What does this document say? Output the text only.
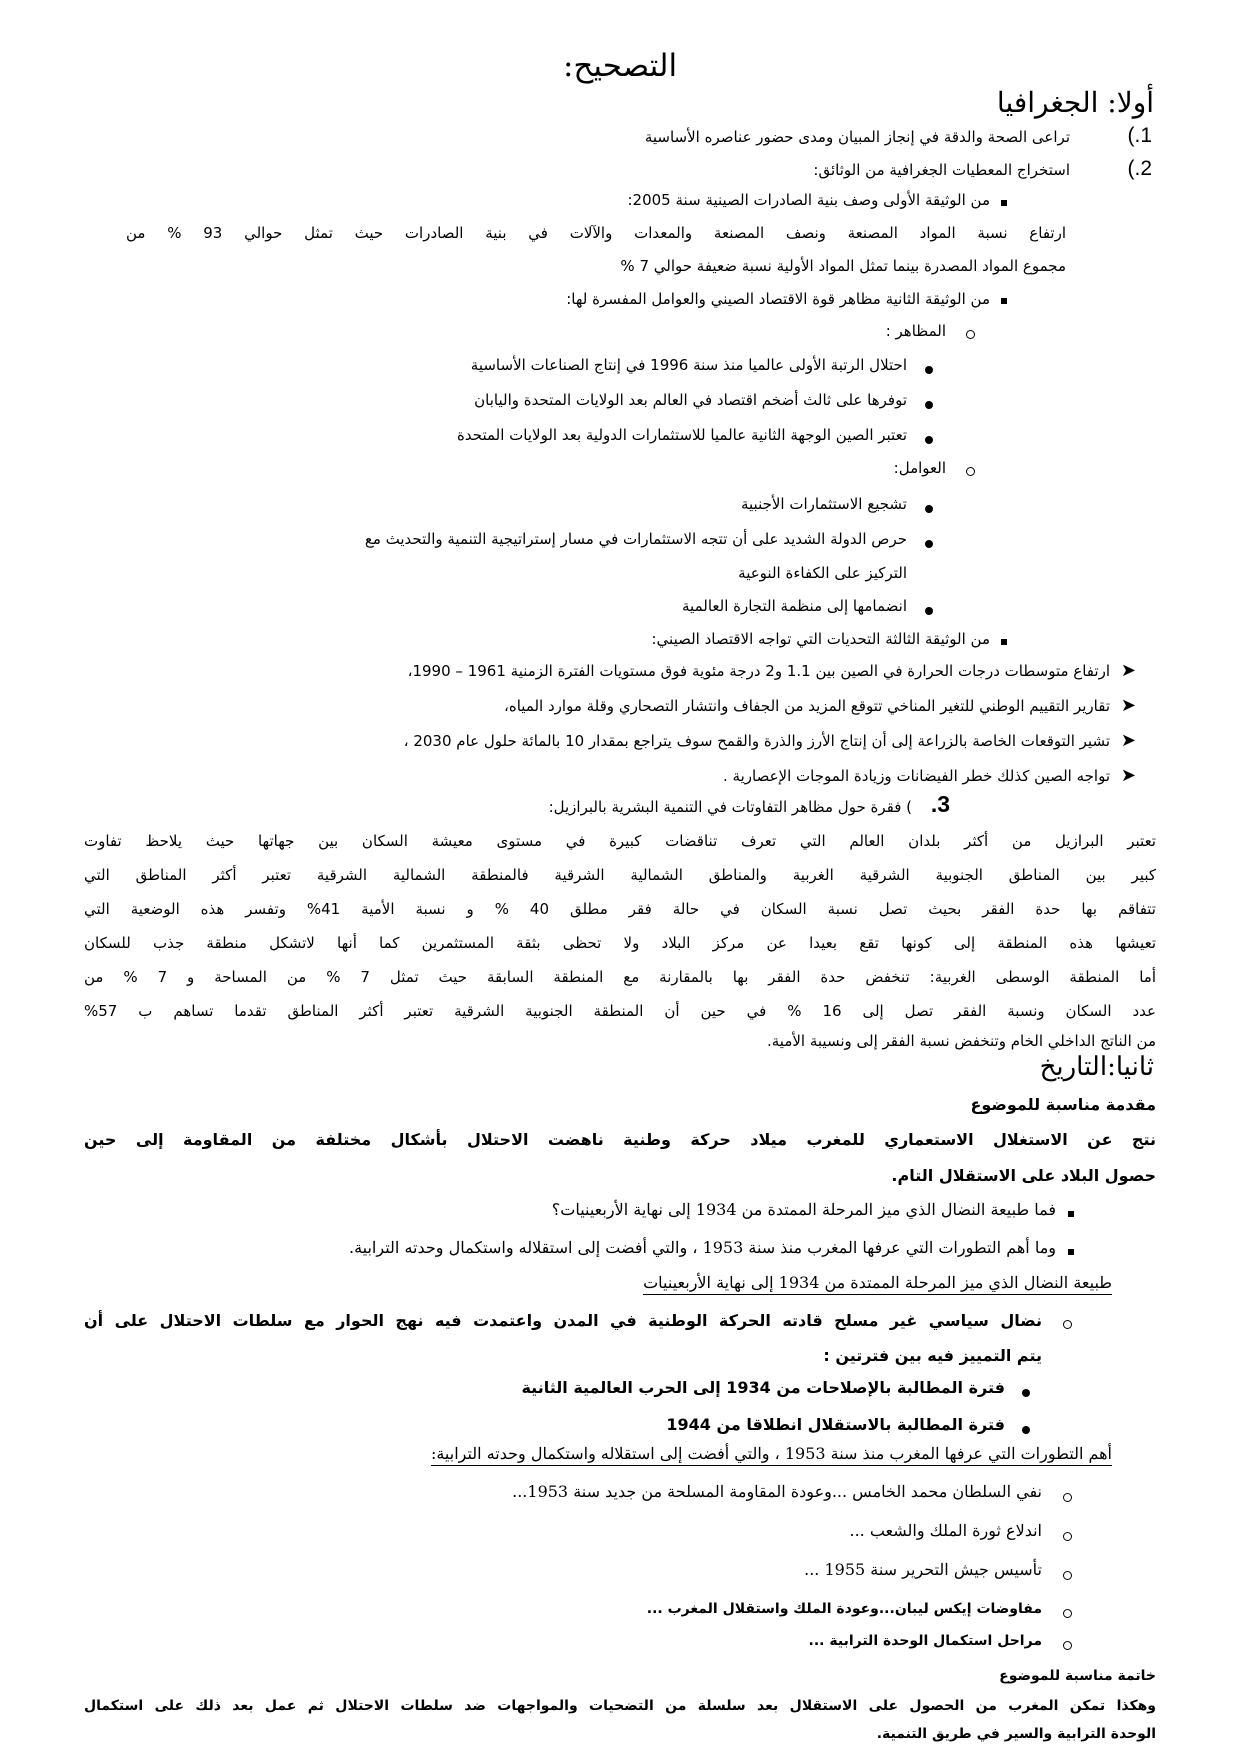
التصحيح:
أولا: الجغرافيا
1.)
تراعى الصحة والدقة في إنجاز المبيان ومدى حضور عناصره الأساسية
2.)
استخراج المعطيات الجغرافية من الوثائق:
من الوثيقة الأولى وصف بنية الصادرات الصينية سنة 2005:
ارتفاع نسبة المواد المصنعة ونصف المصنعة والمعدات والآلات في بنية الصادرات حيث تمثل حوالي 93 % من
مجموع المواد المصدرة بينما تمثل المواد الأولية نسبة ضعيفة حوالي 7 %
من الوثيقة الثانية مظاهر قوة الاقتصاد الصيني والعوامل المفسرة لها:
المظاهر :
احتلال الرتبة الأولى عالميا منذ سنة 1996 في إنتاج الصناعات الأساسية
توفرها على ثالث أضخم اقتصاد في العالم بعد الولايات المتحدة واليابان
تعتبر الصين الوجهة الثانية عالميا للاستثمارات الدولية بعد الولايات المتحدة
العوامل:
تشجيع الاستثمارات الأجنبية
حرص الدولة الشديد على أن تتجه الاستثمارات في مسار إستراتيجية التنمية والتحديث مع
التركيز على الكفاءة النوعية
انضمامها إلى منظمة التجارة العالمية
من الوثيقة الثالثة التحديات التي تواجه الاقتصاد الصيني:
➤
ارتفاع متوسطات درجات الحرارة في الصين بين 1.1 و2 درجة مئوية فوق مستويات الفترة الزمنية 1961 – 1990،
➤
تقارير التقييم الوطني للتغير المناخي تتوقع المزيد من الجفاف وانتشار التصحاري وقلة موارد المياه،
➤
تشير التوقعات الخاصة بالزراعة إلى أن إنتاج الأرز والذرة والقمح سوف يتراجع بمقدار 10 بالمائة حلول عام 2030 ،
➤
تواجه الصين كذلك خطر الفيضانات وزيادة الموجات الإعصارية .
3.
) فقرة حول مظاهر التفاوتات في التنمية البشرية بالبرازيل:
تعتبر البرازيل من أكثر بلدان العالم التي تعرف تناقضات كبيرة في مستوى معيشة السكان بين جهاتها حيث يلاحظ تفاوت
كبير بين المناطق الجنوبية الشرقية الغربية والمناطق الشمالية الشرقية فالمنطقة الشمالية الشرقية تعتبر أكثر المناطق التي
تتفاقم بها حدة الفقر بحيث تصل نسبة السكان في حالة فقر مطلق 40 % و نسبة الأمية 41% وتفسر هذه الوضعية التي
تعيشها هذه المنطقة إلى كونها تقع بعيدا عن مركز البلاد ولا تحظى بثقة المستثمرين كما أنها لاتشكل منطقة جذب للسكان
أما المنطقة الوسطى الغربية: تنخفض حدة الفقر بها بالمقارنة مع المنطقة السابقة حيث تمثل 7 % من المساحة و 7 % من
عدد السكان ونسبة الفقر تصل إلى 16 % في حين أن المنطقة الجنوبية الشرقية تعتبر أكثر المناطق تقدما تساهم ب 57%
من الناتج الداخلي الخام وتنخفض نسبة الفقر إلى ونسيبة الأمية.
ثانيا:التاريخ
مقدمة مناسبة للموضوع
نتج عن الاستغلال الاستعماري للمغرب ميلاد حركة وطنية ناهضت الاحتلال بأشكال مختلفة من المقاومة إلى حين
حصول البلاد على الاستقلال التام.
فما طبيعة النضال الذي ميز المرحلة الممتدة من 1934 إلى نهاية الأربعينيات؟
وما أهم التطورات التي عرفها المغرب منذ سنة 1953 ، والتي أفضت إلى استقلاله واستكمال وحدته الترابية.
طبيعة النضال الذي ميز المرحلة الممتدة من 1934 إلى نهاية الأربعينيات
نضال سياسي غير مسلح قادته الحركة الوطنية في المدن واعتمدت فيه نهج الحوار مع سلطات الاحتلال على أن
يتم التمييز فيه بين فترتين :
فترة المطالبة بالإصلاحات من 1934 إلى الحرب العالمية الثانية
فترة المطالبة بالاستقلال انطلاقا من 1944
أهم التطورات التي عرفها المغرب منذ سنة 1953 ، والتي أفضت إلى استقلاله واستكمال وحدته الترابية:
نفي السلطان محمد الخامس ...وعودة المقاومة المسلحة من جديد سنة 1953...
اندلاع ثورة الملك والشعب ...
تأسيس جيش التحرير سنة 1955 ...
مفاوضات إيكس ليبان...وعودة الملك واستقلال المغرب ...
مراحل استكمال الوحدة الترابية ...
خاتمة مناسبة للموضوع
وهكذا تمكن المغرب من الحصول على الاستقلال بعد سلسلة من التضحيات والمواجهات ضد سلطات الاحتلال ثم عمل بعد ذلك على استكمال
الوحدة الترابية والسير في طريق التنمية.
